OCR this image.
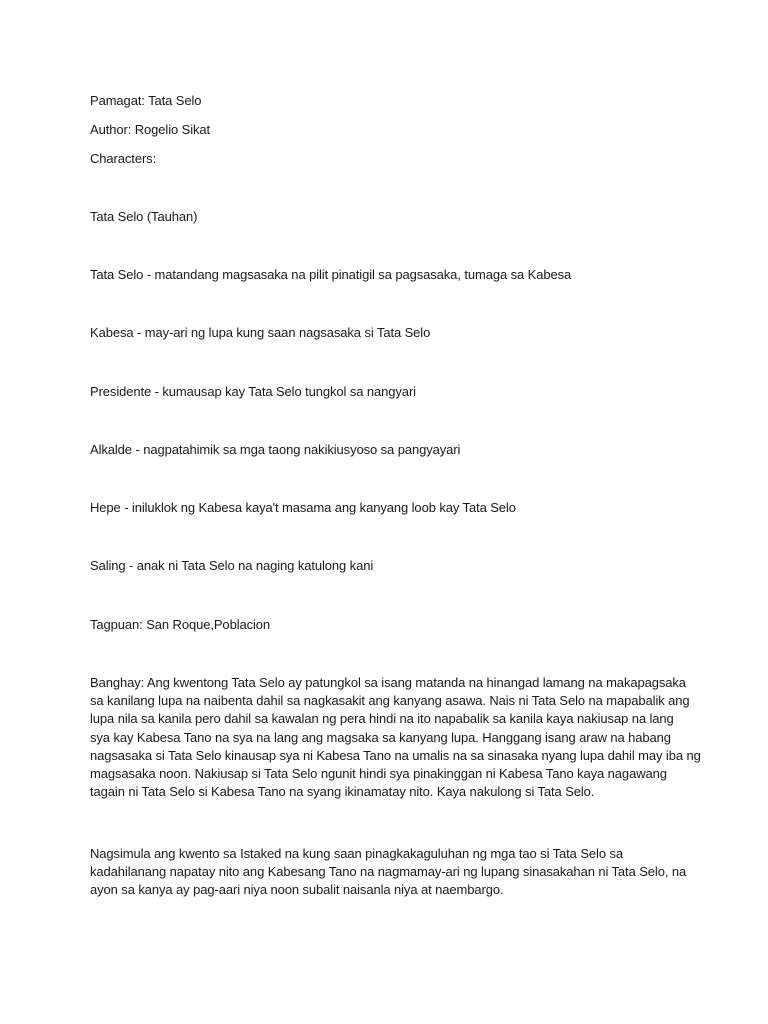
Pamagat: Tata Selo
Author: Rogelio Sikat
Characters:
Tata Selo (Tauhan)
Tata Selo - matandang magsasaka na pilit pinatigil sa pagsasaka, tumaga sa Kabesa
Kabesa - may-ari ng lupa kung saan nagsasaka si Tata Selo
Presidente - kumausap kay Tata Selo tungkol sa nangyari
Alkalde - nagpatahimik sa mga taong nakikiusyoso sa pangyayari
Hepe - iniluklok ng Kabesa kaya't masama ang kanyang loob kay Tata Selo
Saling - anak ni Tata Selo na naging katulong kani
Tagpuan: San Roque,Poblacion
Banghay: Ang kwentong Tata Selo ay patungkol sa isang matanda na hinangad lamang na makapagsaka
sa kanilang lupa na naibenta dahil sa nagkasakit ang kanyang asawa. Nais ni Tata Selo na mapabalik ang
lupa nila sa kanila pero dahil sa kawalan ng pera hindi na ito napabalik sa kanila kaya nakiusap na lang
sya kay Kabesa Tano na sya na lang ang magsaka sa kanyang lupa. Hanggang isang araw na habang
nagsasaka si Tata Selo kinausap sya ni Kabesa Tano na umalis na sa sinasaka nyang lupa dahil may iba ng
magsasaka noon. Nakiusap si Tata Selo ngunit hindi sya pinakinggan ni Kabesa Tano kaya nagawang
tagain ni Tata Selo si Kabesa Tano na syang ikinamatay nito. Kaya nakulong si Tata Selo.
Nagsimula ang kwento sa Istaked na kung saan pinagkakaguluhan ng mga tao si Tata Selo sa
kadahilanang napatay nito ang Kabesang Tano na nagmamay-ari ng lupang sinasakahan ni Tata Selo, na
ayon sa kanya ay pag-aari niya noon subalit naisanla niya at naembargo.
